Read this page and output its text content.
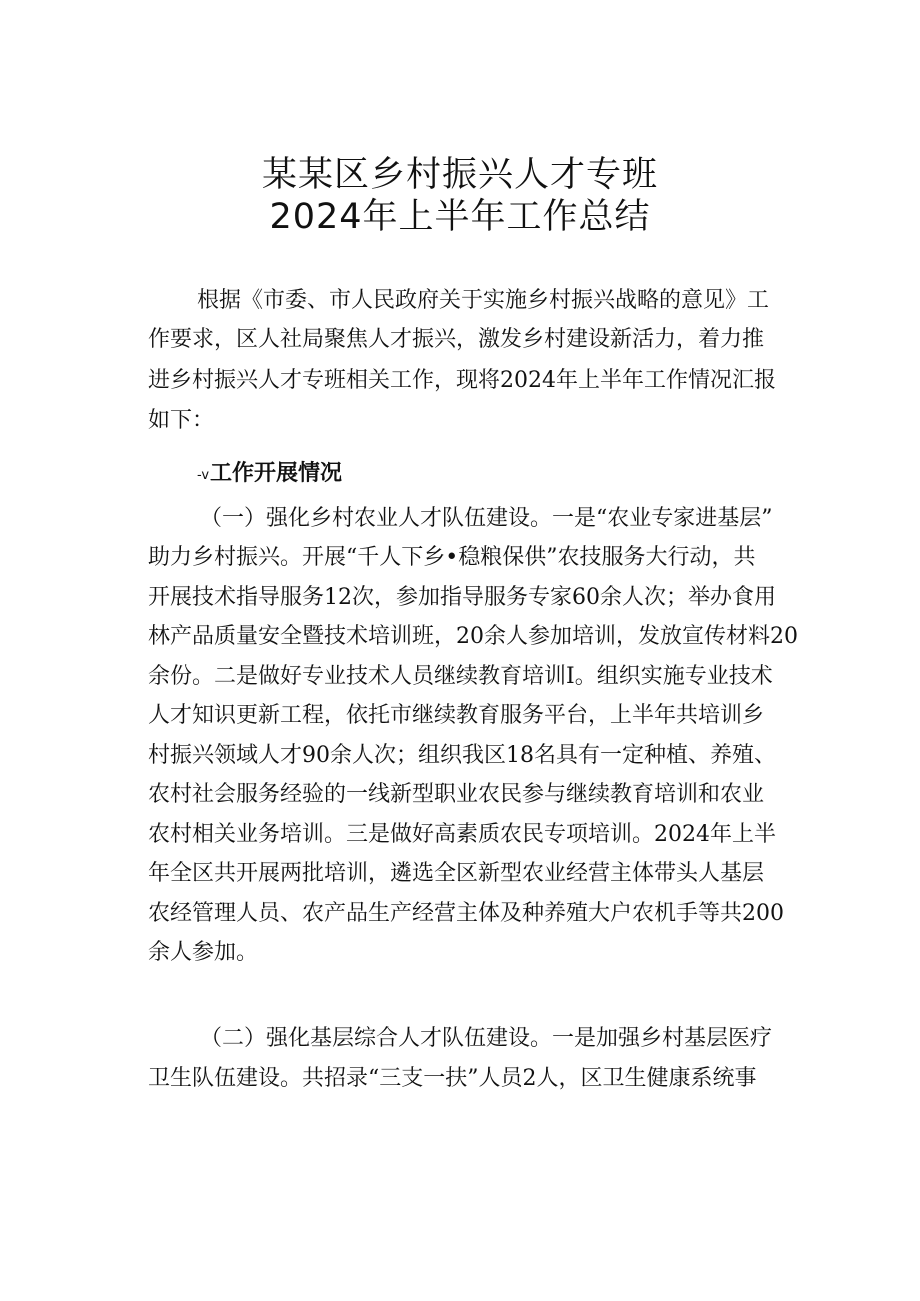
某某区乡村振兴人才专班
2024年上半年工作总结
根据《市委、市人民政府关于实施乡村振兴战略的意见》工
作要求，区人社局聚焦人才振兴，激发乡村建设新活力，着力推
进乡村振兴人才专班相关工作，现将2024年上半年工作情况汇报
如下：
-v工作开展情况
（一）强化乡村农业人才队伍建设。一是“农业专家进基层”
助力乡村振兴。开展“千人下乡•稳粮保供”农技服务大行动，共
开展技术指导服务12次，参加指导服务专家60余人次；举办食用
林产品质量安全暨技术培训班，20余人参加培训，发放宣传材料20
余份。二是做好专业技术人员继续教育培训I。组织实施专业技术
人才知识更新工程，依托市继续教育服务平台，上半年共培训乡
村振兴领域人才90余人次；组织我区18名具有一定种植、养殖、
农村社会服务经验的一线新型职业农民参与继续教育培训和农业
农村相关业务培训。三是做好高素质农民专项培训。2024年上半
年全区共开展两批培训，遴选全区新型农业经营主体带头人基层
农经管理人员、农产品生产经营主体及种养殖大户农机手等共200
余人参加。
（二）强化基层综合人才队伍建设。一是加强乡村基层医疗
卫生队伍建设。共招录“三支一扶”人员2人，区卫生健康系统事
